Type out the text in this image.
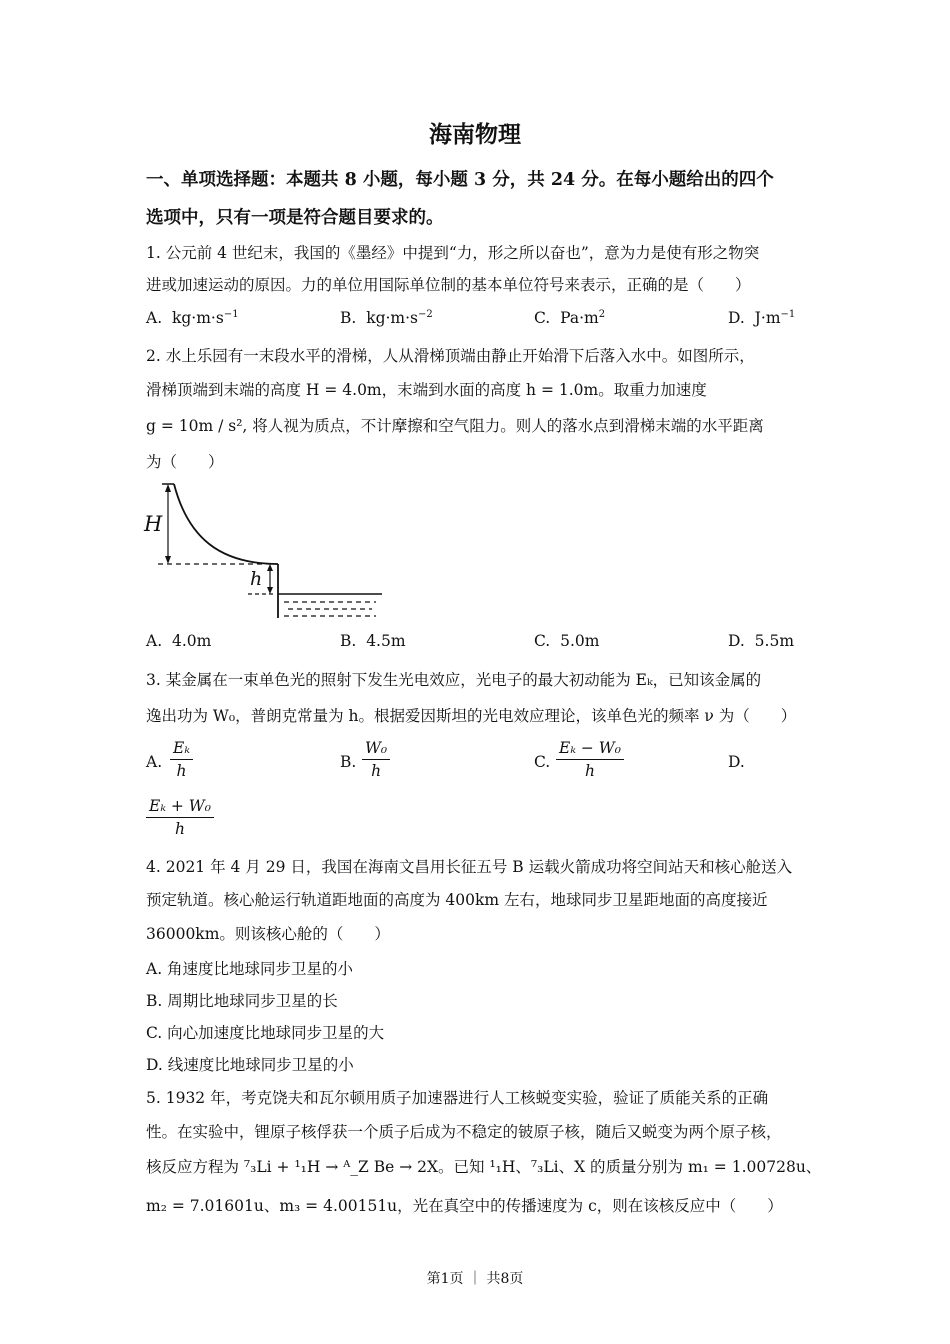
海南物理
一、单项选择题：本题共 8 小题，每小题 3 分，共 24 分。在每小题给出的四个
选项中，只有一项是符合题目要求的。
1. 公元前 4 世纪末，我国的《墨经》中提到“力，形之所以奋也”，意为力是使有形之物突
进或加速运动的原因。力的单位用国际单位制的基本单位符号来表示，正确的是（　　）
A. $kg\cdot m\cdot s^{-1}$	B. $kg\cdot m\cdot s^{-2}$	C. $Pa\cdot m^2$	D. $J\cdot m^{-1}$
2. 水上乐园有一末段水平的滑梯，人从滑梯顶端由静止开始滑下后落入水中。如图所示，
滑梯顶端到末端的高度 H = 4.0m，末端到水面的高度 h = 1.0m。取重力加速度
g = 10m / s², 将人视为质点，不计摩擦和空气阻力。则人的落水点到滑梯末端的水平距离
为（　　）
H
h
A. 4.0m	B. 4.5m	C. 5.0m	D. 5.5m
3. 某金属在一束单色光的照射下发生光电效应，光电子的最大初动能为 Eₖ，已知该金属的
逸出功为 W₀，普朗克常量为 h。根据爱因斯坦的光电效应理论，该单色光的频率 ν 为（　　）
A. $\frac{\text{Eₖ}}{h}$	B. $\frac{\text{W₀}}{h}$	C. $\frac{\text{Eₖ − W₀}}{h}$	D.
$\frac{\text{Eₖ + W₀}}{h}$
4. 2021 年 4 月 29 日，我国在海南文昌用长征五号 B 运载火箭成功将空间站天和核心舱送入
预定轨道。核心舱运行轨道距地面的高度为 400km 左右，地球同步卫星距地面的高度接近
36000km。则该核心舱的（　　）
A. 角速度比地球同步卫星的小
B. 周期比地球同步卫星的长
C. 向心加速度比地球同步卫星的大
D. 线速度比地球同步卫星的小
5. 1932 年，考克饶夫和瓦尔顿用质子加速器进行人工核蜕变实验，验证了质能关系的正确
性。在实验中，锂原子核俘获一个质子后成为不稳定的铍原子核，随后又蜕变为两个原子核，
核反应方程为 ⁷₃Li + ¹₁H → ᴬ_Z Be → 2X。已知 ¹₁H、⁷₃Li、X 的质量分别为 m₁ = 1.00728u、
m₂ = 7.01601u、m₃ = 4.00151u，光在真空中的传播速度为 c，则在该核反应中（　　）
第1页 ｜ 共8页
